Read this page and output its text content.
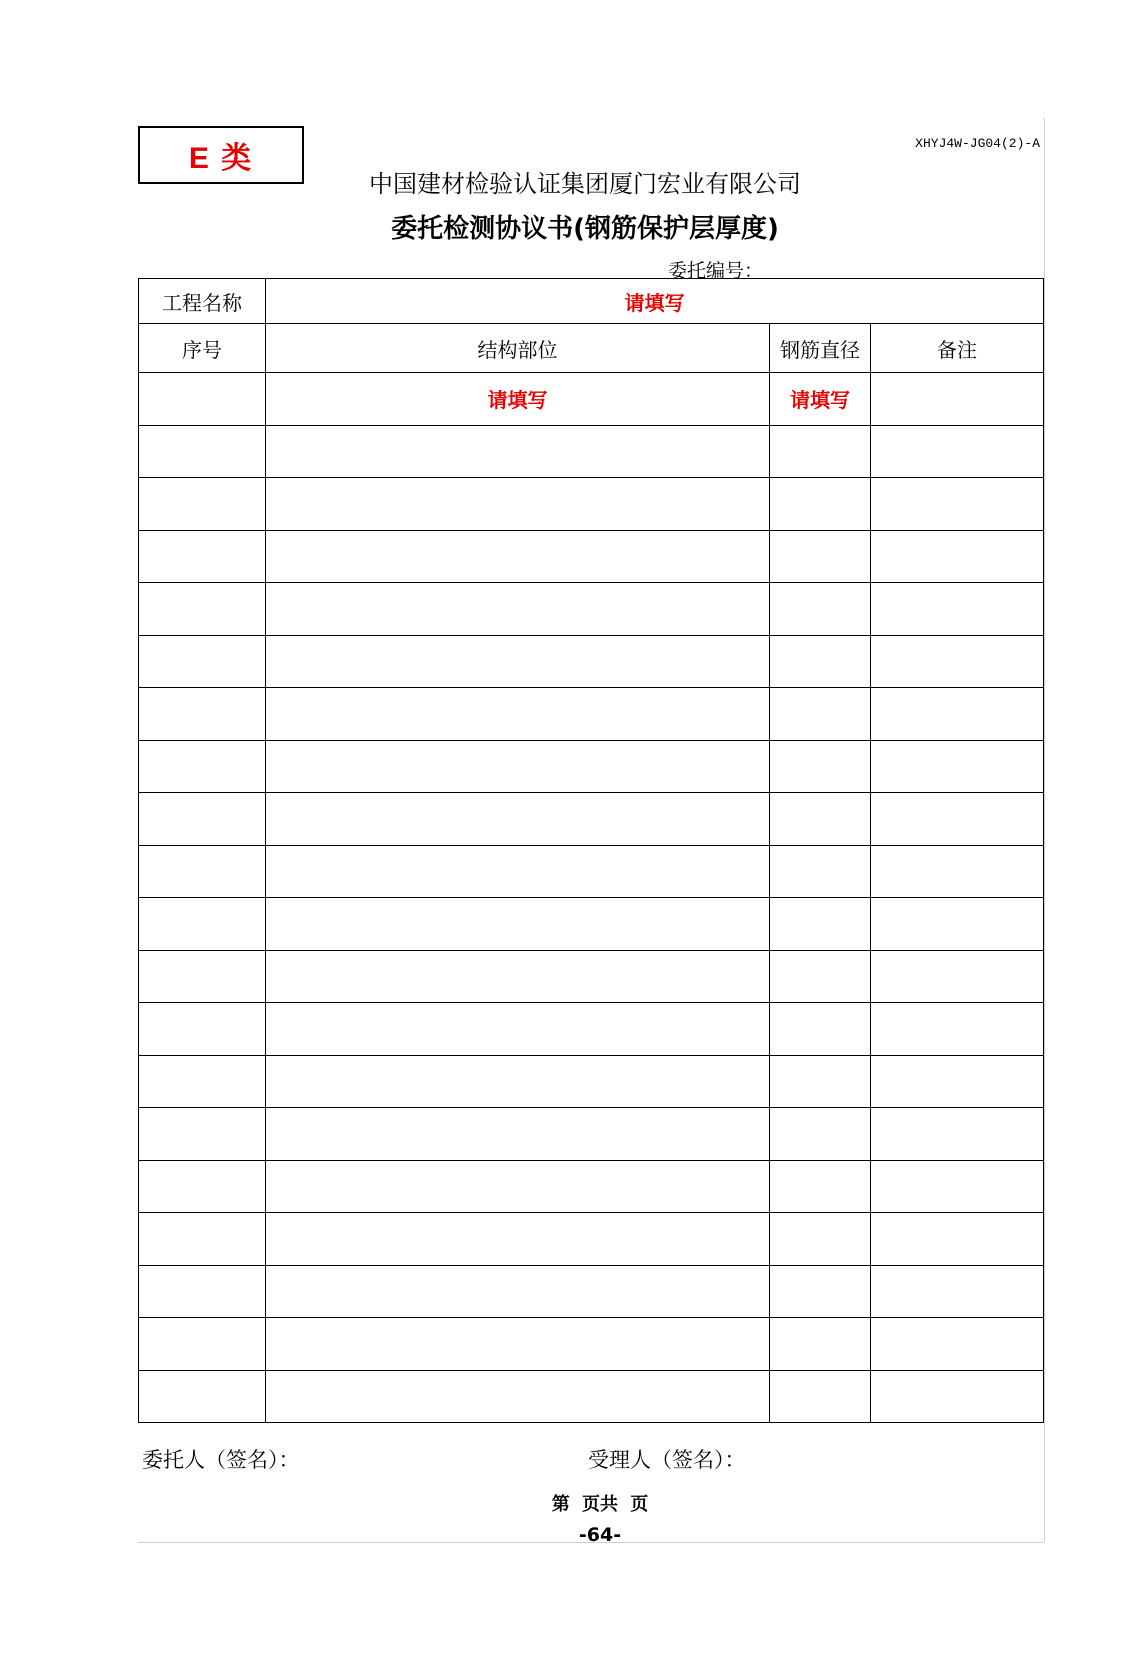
E 类	XHYJ4W-JG04(2)-A
中国建材检验认证集团厦门宏业有限公司
委托检测协议书(钢筋保护层厚度)
委托编号：
工程名称	请填写		
序号	结构部位	钢筋直径	备注
	请填写	请填写	

委托人（签名）：	受理人（签名）：
第 页共 页
-64-
